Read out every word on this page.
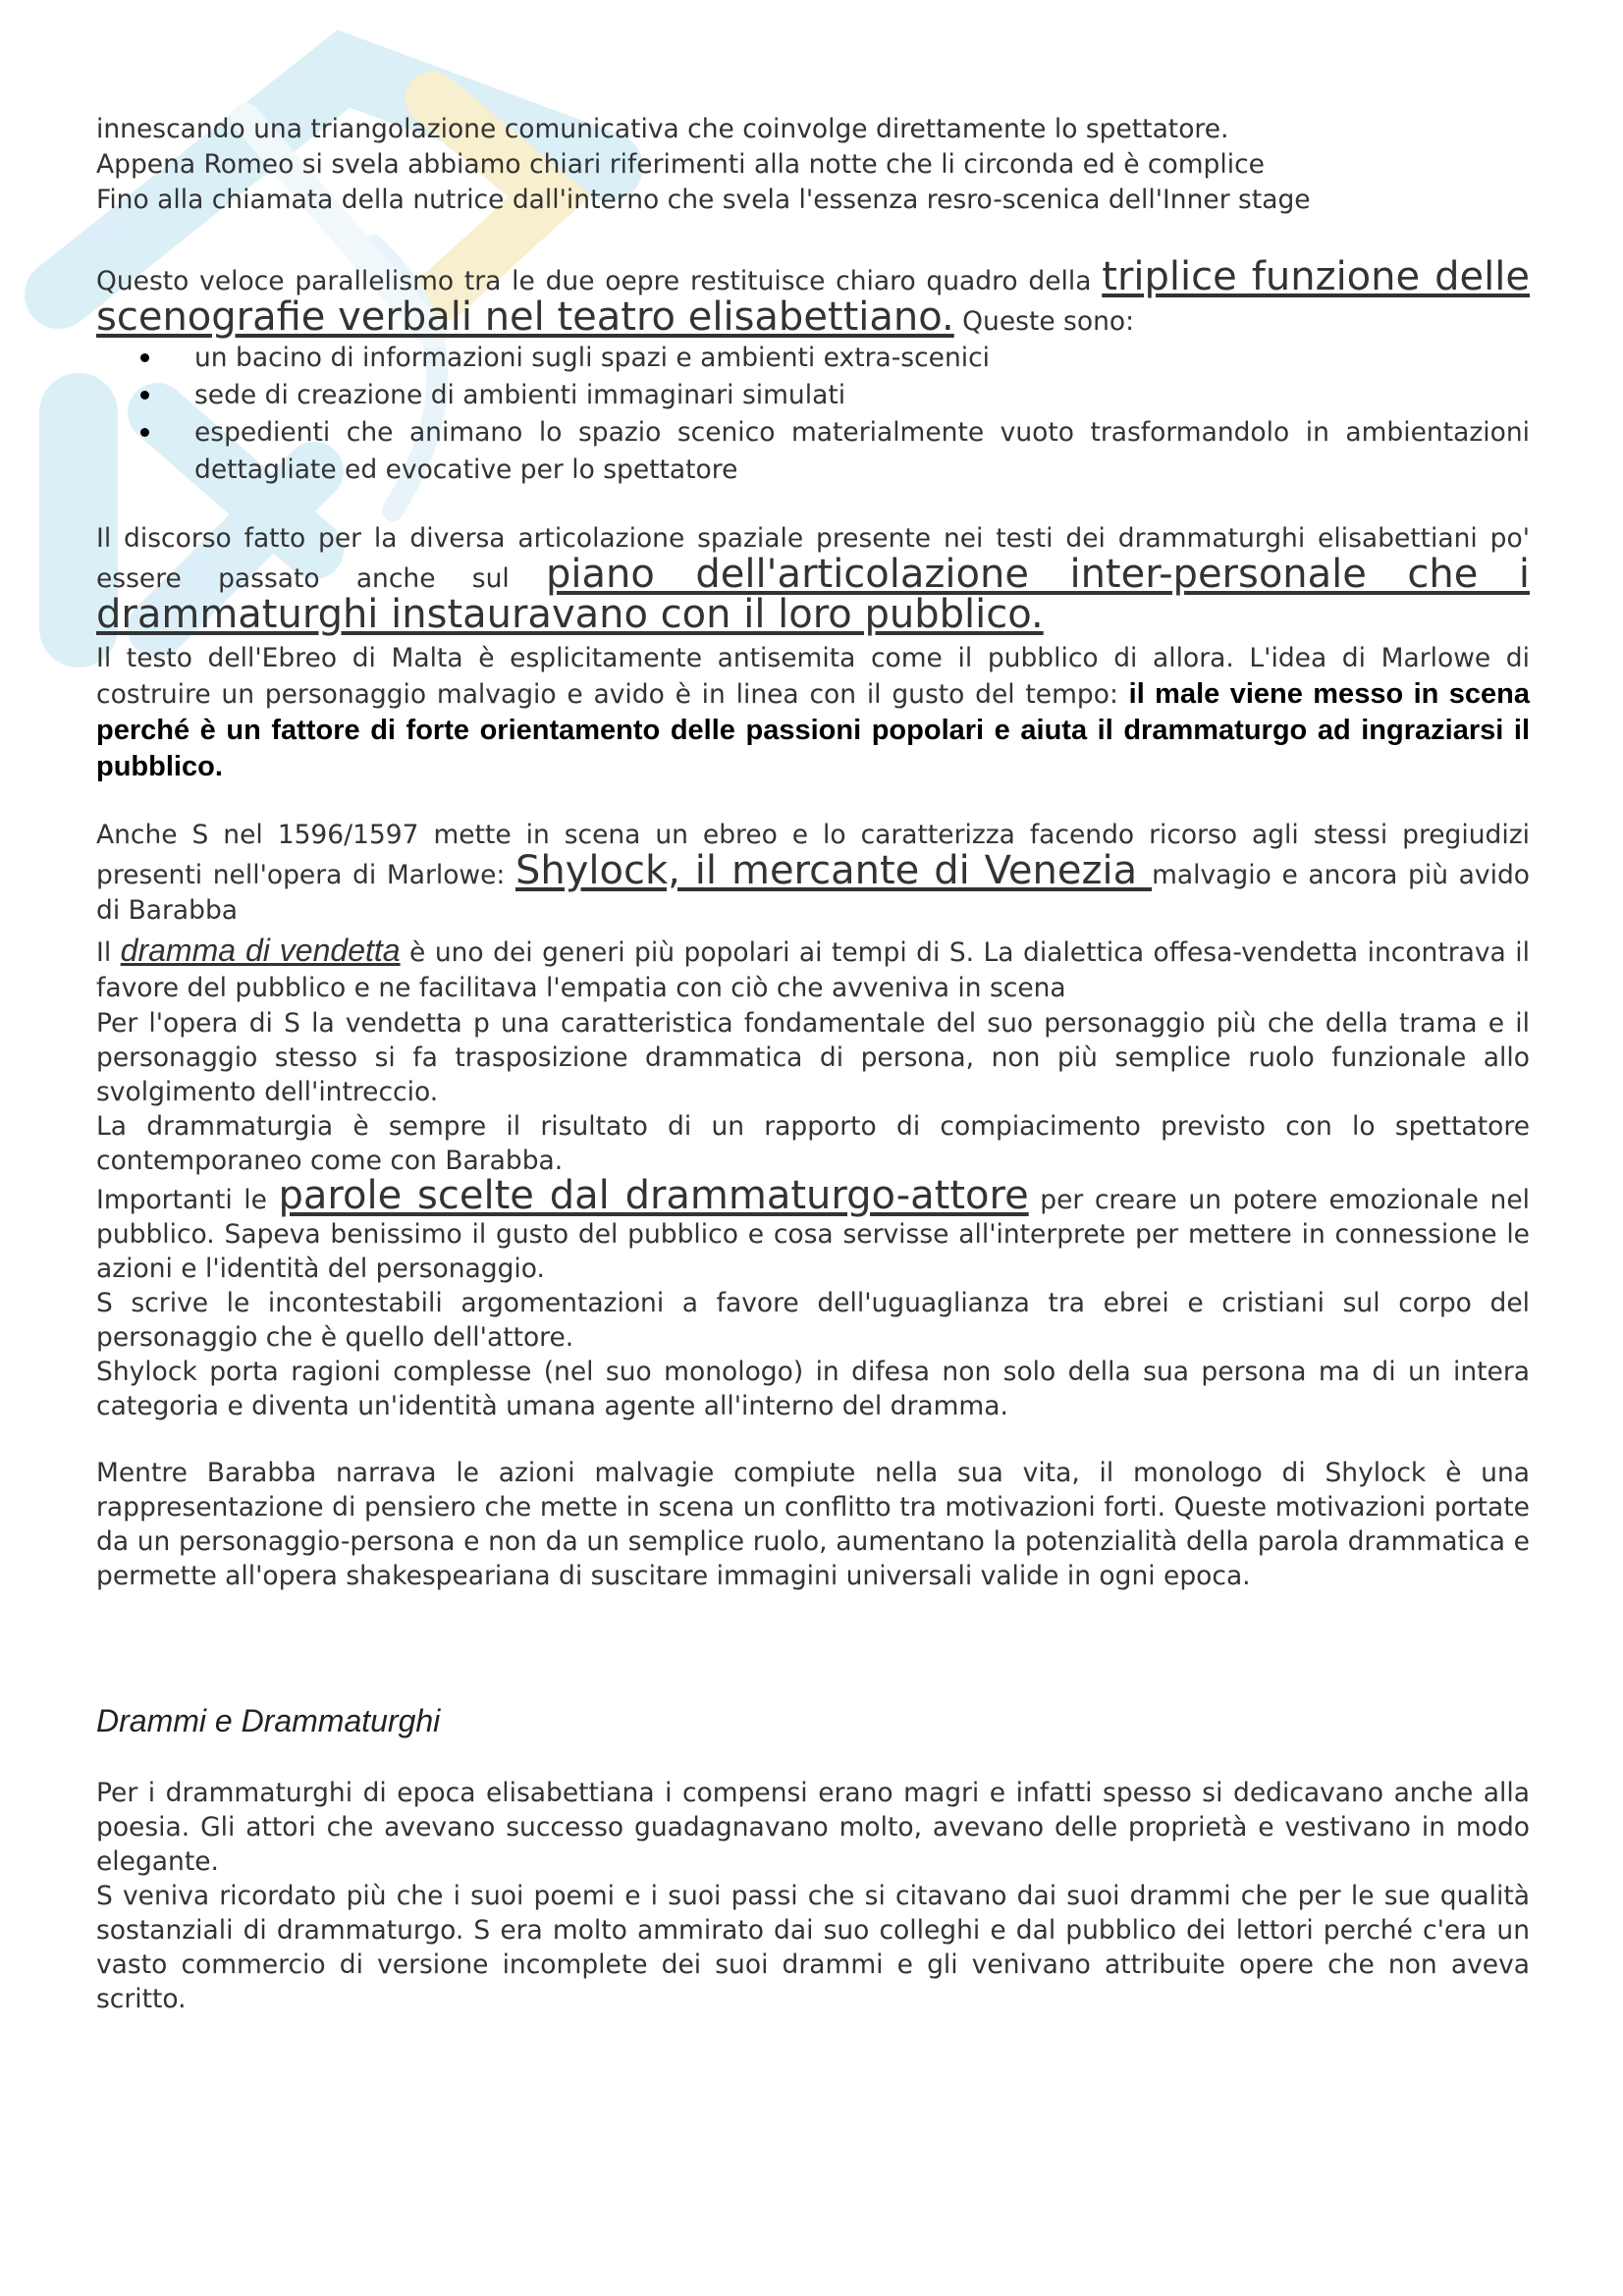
innescando una triangolazione comunicativa che coinvolge direttamente lo spettatore.

Appena Romeo si svela abbiamo chiari riferimenti alla notte che li circonda ed è complice

Fino alla chiamata della nutrice dall'interno che svela l'essenza resro-scenica dell'Inner stage

Questo veloce parallelismo tra le due oepre restituisce chiaro quadro della triplice funzione delle scenografie verbali nel teatro elisabettiano. Queste sono:

un bacino di informazioni sugli spazi e ambienti extra-scenici
sede di creazione di ambienti immaginari simulati
espedienti che animano lo spazio scenico materialmente vuoto trasformandolo in ambientazioni dettagliate ed evocative per lo spettatore

Il discorso fatto per la diversa articolazione spaziale presente nei testi dei drammaturghi elisabettiani po' essere passato anche sul piano dell'articolazione inter-personale che i drammaturghi instauravano con il loro pubblico.

Il testo dell'Ebreo di Malta è esplicitamente antisemita come il pubblico di allora. L'idea di Marlowe di costruire un personaggio malvagio e avido è in linea con il gusto del tempo: il male viene messo in scena perché è un fattore di forte orientamento delle passioni popolari e aiuta il drammaturgo ad ingraziarsi il pubblico.

Anche S nel 1596/1597 mette in scena un ebreo e lo caratterizza facendo ricorso agli stessi pregiudizi presenti nell'opera di Marlowe: Shylock, il mercante di Venezia malvagio e ancora più avido di Barabba

Il dramma di vendetta è uno dei generi più popolari ai tempi di S. La dialettica offesa-vendetta incontrava il favore del pubblico e ne facilitava l'empatia con ciò che avveniva in scena

Per l'opera di S la vendetta p una caratteristica fondamentale del suo personaggio più che della trama e il personaggio stesso si fa trasposizione drammatica di persona, non più semplice ruolo funzionale allo svolgimento dell'intreccio.

La drammaturgia è sempre il risultato di un rapporto di compiacimento previsto con lo spettatore contemporaneo come con Barabba.

Importanti le parole scelte dal drammaturgo-attore per creare un potere emozionale nel pubblico. Sapeva benissimo il gusto del pubblico e cosa servisse all'interprete per mettere in connessione le azioni e l'identità del personaggio.

S scrive le incontestabili argomentazioni a favore dell'uguaglianza tra ebrei e cristiani sul corpo del personaggio che è quello dell'attore.

Shylock porta ragioni complesse (nel suo monologo) in difesa non solo della sua persona ma di un intera categoria e diventa un'identità umana agente all'interno del dramma.

Mentre Barabba narrava le azioni malvagie compiute nella sua vita, il monologo di Shylock è una rappresentazione di pensiero che mette in scena un conflitto tra motivazioni forti. Queste motivazioni portate da un personaggio-persona e non da un semplice ruolo, aumentano la potenzialità della parola drammatica e permette all'opera shakespeariana di suscitare immagini universali valide in ogni epoca.

Drammi e Drammaturghi

Per i drammaturghi di epoca elisabettiana i compensi erano magri e infatti spesso si dedicavano anche alla poesia. Gli attori che avevano successo guadagnavano molto, avevano delle proprietà e vestivano in modo elegante.

S veniva ricordato più che i suoi poemi e i suoi passi che si citavano dai suoi drammi che per le sue qualità sostanziali di drammaturgo. S era molto ammirato dai suo colleghi e dal pubblico dei lettori perché c'era un vasto commercio di versione incomplete dei suoi drammi e gli venivano attribuite opere che non aveva scritto.
